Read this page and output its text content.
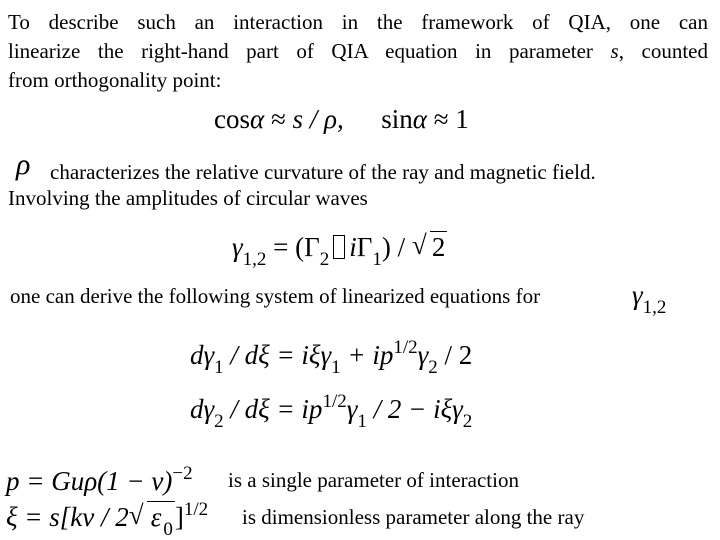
To describe such an interaction in the framework of QIA, one can
linearize the right-hand part of QIA equation in parameter s, counted
from orthogonality point:
cosα ≈ s / ρ, sinα ≈ 1
ρ characterizes the relative curvature of the ray and magnetic field.
Involving the amplitudes of circular waves
$\gamma_{1,2} = (\Gamma_2$ $i\Gamma_1$) / √ 2
one can derive the following system of linearized equations for	$\gamma_{1,2}$
$d\gamma_1 / d\xi = i\xi\gamma_1 + ip^{1/2}\gamma_2 / 2$
$d\gamma_2 / d\xi = ip^{1/2}\gamma_1 / 2 - i\xi\gamma_2$
$p = Gu\rho(1 - v)^{-2}$ is a single parameter of interaction
ξ = s[kv / 2 √ ε $_0$]$^{1/2}$ is dimensionless parameter along the ray
